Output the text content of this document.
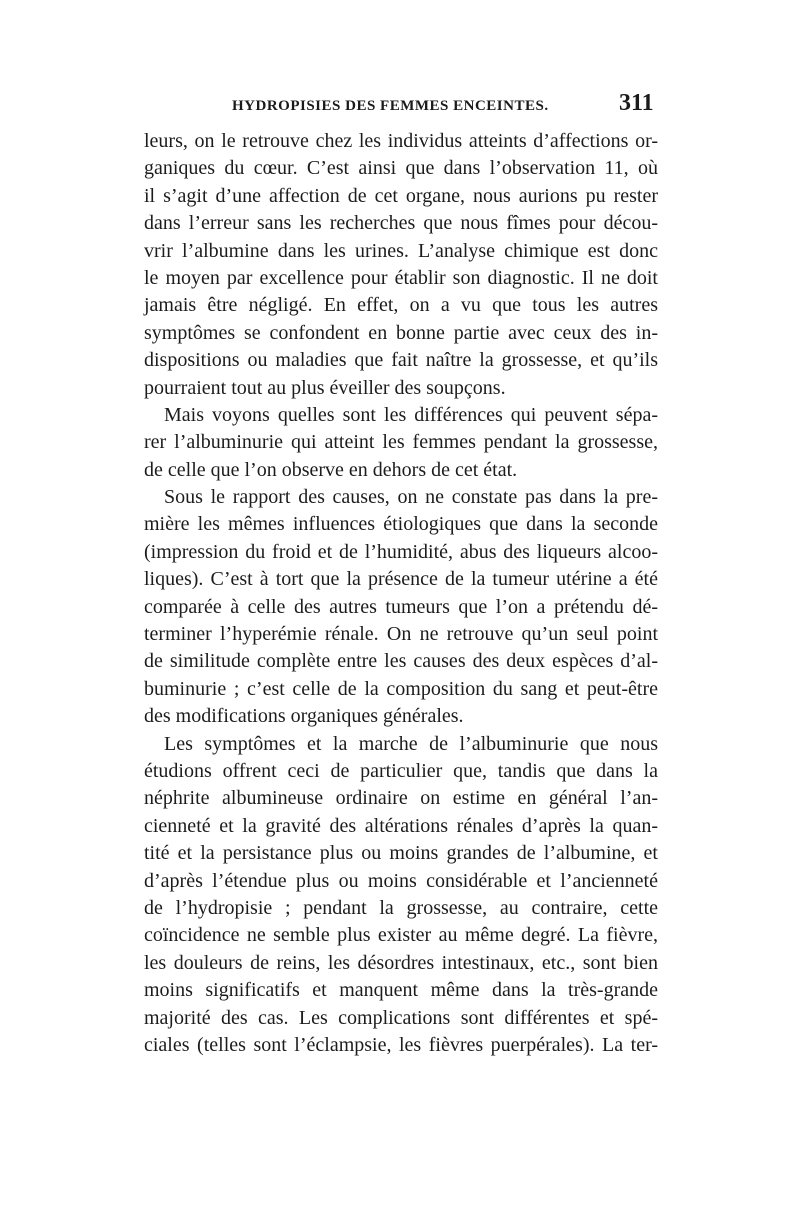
HYDROPISIES DES FEMMES ENCEINTES.	311
leurs, on le retrouve chez les individus atteints d’affections or-
ganiques du cœur. C’est ainsi que dans l’observation 11, où
il s’agit d’une affection de cet organe, nous aurions pu rester
dans l’erreur sans les recherches que nous fîmes pour décou-
vrir l’albumine dans les urines. L’analyse chimique est donc
le moyen par excellence pour établir son diagnostic. Il ne doit
jamais être négligé. En effet, on a vu que tous les autres
symptômes se confondent en bonne partie avec ceux des in-
dispositions ou maladies que fait naître la grossesse, et qu’ils
pourraient tout au plus éveiller des soupçons.
Mais voyons quelles sont les différences qui peuvent sépa-
rer l’albuminurie qui atteint les femmes pendant la grossesse,
de celle que l’on observe en dehors de cet état.
Sous le rapport des causes, on ne constate pas dans la pre-
mière les mêmes influences étiologiques que dans la seconde
(impression du froid et de l’humidité, abus des liqueurs alcoo-
liques). C’est à tort que la présence de la tumeur utérine a été
comparée à celle des autres tumeurs que l’on a prétendu dé-
terminer l’hyperémie rénale. On ne retrouve qu’un seul point
de similitude complète entre les causes des deux espèces d’al-
buminurie ; c’est celle de la composition du sang et peut-être
des modifications organiques générales.
Les symptômes et la marche de l’albuminurie que nous
étudions offrent ceci de particulier que, tandis que dans la
néphrite albumineuse ordinaire on estime en général l’an-
cienneté et la gravité des altérations rénales d’après la quan-
tité et la persistance plus ou moins grandes de l’albumine, et
d’après l’étendue plus ou moins considérable et l’ancienneté
de l’hydropisie ; pendant la grossesse, au contraire, cette
coïncidence ne semble plus exister au même degré. La fièvre,
les douleurs de reins, les désordres intestinaux, etc., sont bien
moins significatifs et manquent même dans la très-grande
majorité des cas. Les complications sont différentes et spé-
ciales (telles sont l’éclampsie, les fièvres puerpérales). La ter-
